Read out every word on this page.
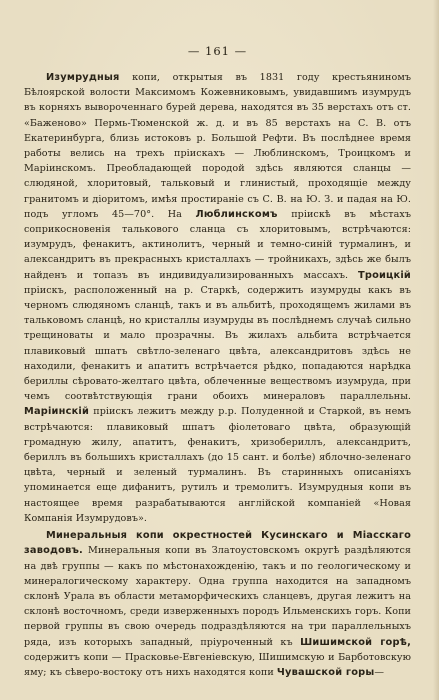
— 161 —

Изумрудныя копи, открытыя въ 1831 году крестьяниномъ Бѣлоярской волости Максимомъ Кожевниковымъ, увидавшимъ изумрудъ въ корняхъ вывороченнаго бурей дерева, находятся въ 35 верстахъ отъ ст. «Баженово» Пермь-Тюменской ж. д. и въ 85 верстахъ на С. В. отъ Екатеринбурга, близь истоковъ р. Большой Рефти. Въ послѣднее время работы велись на трехъ прiискахъ — Люблинскомъ, Троицкомъ и Марiинскомъ. Преобладающей породой здѣсь являются сланцы — слюдяной, хлоритовый, тальковый и глинистый, проходящiе между гранитомъ и дiоритомъ, имѣя простиранiе съ С. В. на Ю. З. и падая на Ю. подъ угломъ 45—70°. На Люблинскомъ прiискѣ въ мѣстахъ соприкосновенiя талькового сланца съ хлоритовымъ, встрѣчаются: изумрудъ, фенакитъ, актинолитъ, черный и темно-синiй турмалинъ, и александритъ въ прекрасныхъ кристаллахъ — тройникахъ, здѣсь же былъ найденъ и топазъ въ индивидуализированныхъ массахъ. Троицкiй прiискъ, расположенный на р. Старкѣ, содержитъ изумруды какъ въ черномъ слюдяномъ сланцѣ, такъ и въ альбитѣ, проходящемъ жилами въ тальковомъ сланцѣ, но кристаллы изумруды въ послѣднемъ случаѣ сильно трещиноваты и мало прозрачны. Въ жилахъ альбита встрѣчается плавиковый шпатъ свѣтло-зеленаго цвѣта, александритовъ здѣсь не находили, фенакитъ и апатитъ встрѣчается рѣдко, попадаются нарѣдка бериллы сѣровато-желтаго цвѣта, облеченные веществомъ изумруда, при чемъ соотвѣтствующiя грани обоихъ минераловъ параллельны. Марiинскiй прiискъ лежитъ между р.р. Полуденной и Старкой, въ немъ встрѣчаются: плавиковый шпатъ фiолетоваго цвѣта, образующiй громадную жилу, апатитъ, фенакитъ, хризобериллъ, александритъ, бериллъ въ большихъ кристаллахъ (до 15 сант. и болѣе) яблочно-зеленаго цвѣта, черный и зеленый турмалинъ. Въ старинныхъ описанiяхъ упоминается еще дифанитъ, рутилъ и тремолитъ. Изумрудныя копи въ настоящее время разрабатываются англiйской компанiей «Новая Компанiя Изумрудовъ».

Минеральныя копи окрестностей Кусинскаго и Мiасскаго заводовъ. Минеральныя копи въ Златоустовскомъ округѣ раздѣляются на двѣ группы — какъ по мѣстонахожденiю, такъ и по геологическому и минералогическому характеру. Одна группа находится на западномъ склонѣ Урала въ области метаморфическихъ сланцевъ, другая лежитъ на склонѣ восточномъ, среди изверженныхъ породъ Ильменскихъ горъ. Копи первой группы въ свою очередь подраздѣляются на три параллельныхъ ряда, изъ которыхъ западный, прiуроченный къ Шишимской горѣ, содержитъ копи — Прасковье-Евгенiевскую, Шишимскую и Барботовскую яму; къ сѣверо-востоку отъ нихъ находятся копи Чувашской горы—
